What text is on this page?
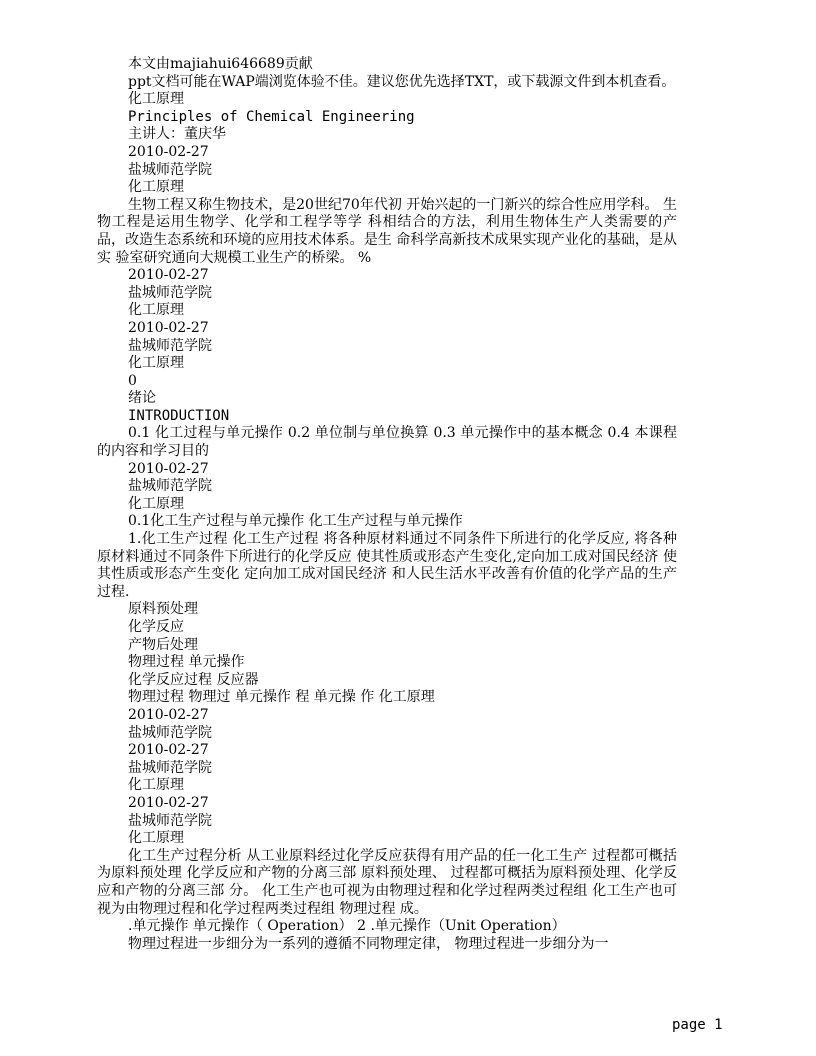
本文由majiahui646689贡献
ppt文档可能在WAP端浏览体验不佳。建议您优先选择TXT，或下载源文件到本机查看。
化工原理
Principles of Chemical Engineering
主讲人：董庆华
2010-02-27
盐城师范学院
化工原理
生物工程又称生物技术，是20世纪70年代初 开始兴起的一门新兴的综合性应用学科。 生物工程是运用生物学、化学和工程学等学 科相结合的方法，利用生物体生产人类需要的产 品，改造生态系统和环境的应用技术体系。是生 命科学高新技术成果实现产业化的基础，是从实 验室研究通向大规模工业生产的桥梁。 %
2010-02-27
盐城师范学院
化工原理
2010-02-27
盐城师范学院
化工原理
0
绪论
INTRODUCTION
0.1 化工过程与单元操作 0.2 单位制与单位换算 0.3 单元操作中的基本概念 0.4 本课程的内容和学习目的
2010-02-27
盐城师范学院
化工原理
0.1化工生产过程与单元操作 化工生产过程与单元操作
1.化工生产过程 化工生产过程 将各种原材料通过不同条件下所进行的化学反应, 将各种原材料通过不同条件下所进行的化学反应 使其性质或形态产生变化,定向加工成对国民经济 使其性质或形态产生变化 定向加工成对国民经济 和人民生活水平改善有价值的化学产品的生产过程.
原料预处理
化学反应
产物后处理
物理过程 单元操作
化学反应过程 反应器
物理过程 物理过 单元操作 程 单元操 作 化工原理
2010-02-27
盐城师范学院
2010-02-27
盐城师范学院
化工原理
2010-02-27
盐城师范学院
化工原理
化工生产过程分析 从工业原料经过化学反应获得有用产品的任一化工生产 过程都可概括为原料预处理 化学反应和产物的分离三部 原料预处理、 过程都可概括为原料预处理、化学反应和产物的分离三部 分。 化工生产也可视为由物理过程和化学过程两类过程组 化工生产也可视为由物理过程和化学过程两类过程组 物理过程 成。
.单元操作 单元操作（ Operation） 2 .单元操作（Unit Operation）
物理过程进一步细分为一系列的遵循不同物理定律， 物理过程进一步细分为一
page 1
